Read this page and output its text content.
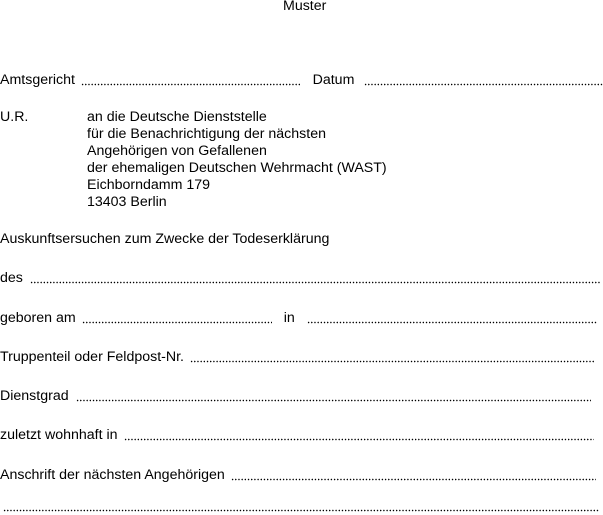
Muster
Amtsgericht	Datum
U.R.	an die Deutsche Dienststelle
für die Benachrichtigung der nächsten
Angehörigen von Gefallenen
der ehemaligen Deutschen Wehrmacht (WAST)
Eichborndamm 179
13403 Berlin
Auskunftsersuchen zum Zwecke der Todeserklärung
des
geboren am	in
Truppenteil oder Feldpost-Nr.
Dienstgrad
zuletzt wohnhaft in
Anschrift der nächsten Angehörigen
